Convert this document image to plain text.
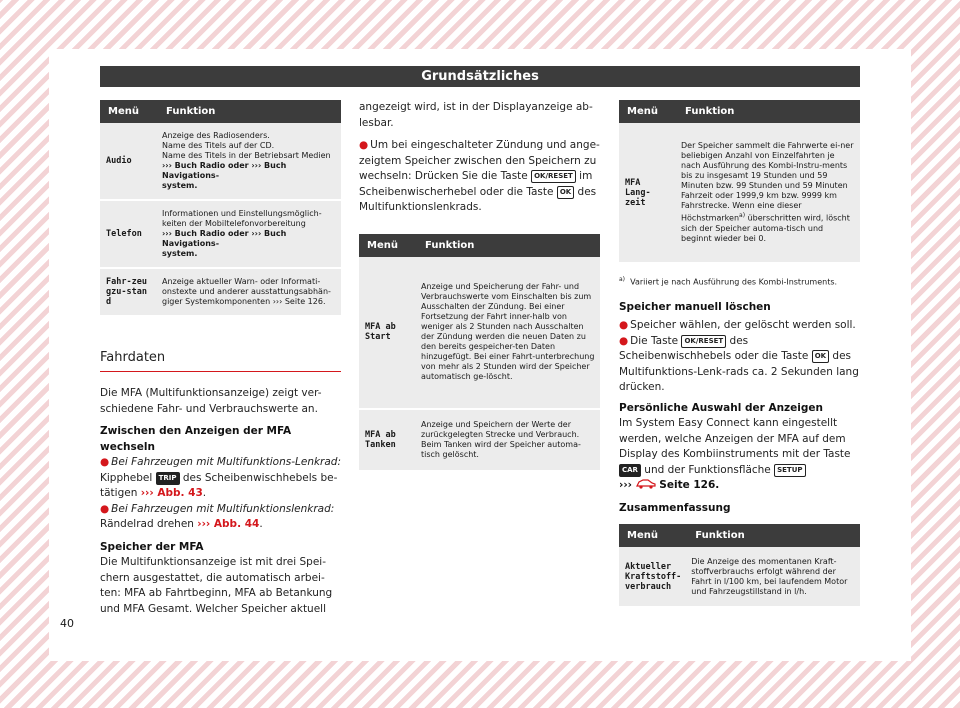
Grundsätzliches
Menü	Funktion
Audio	Anzeige des Radiosenders.
Name des Titels auf der CD.
Name des Titels in der Betriebsart Medien
››› Buch Radio oder ››› Buch Navigations-
system.
Telefon	Informationen und Einstellungsmöglich-
keiten der Mobiltelefonvorbereitung
››› Buch Radio oder ››› Buch Navigations-
system.
Fahr-zeugzu-stand	Anzeige aktueller Warn- oder Informati-
onstexte und anderer ausstattungsabhän-
giger Systemkomponenten ››› Seite 126.
Fahrdaten

Die MFA (Multifunktionsanzeige) zeigt ver-schiedene Fahr- und Verbrauchswerte an.

Zwischen den Anzeigen der MFA wechseln

● Bei Fahrzeugen mit Multifunktions-Lenkrad: Kipphebel TRIP des Scheibenwischhebels be-tätigen ››› Abb. 43.

● Bei Fahrzeugen mit Multifunktionslenkrad: Rändelrad drehen ››› Abb. 44.

Speicher der MFA

Die Multifunktionsanzeige ist mit drei Spei-chern ausgestattet, die automatisch arbei-ten: MFA ab Fahrtbeginn, MFA ab Betankung und MFA Gesamt. Welcher Speicher aktuell

angezeigt wird, ist in der Displayanzeige ab-lesbar.

● Um bei eingeschalteter Zündung und ange-zeigtem Speicher zwischen den Speichern zu wechseln: Drücken Sie die Taste OK/RESET im Scheibenwischerhebel oder die Taste OK des Multifunktionslenkrads.

Menü	Funktion
MFA ab Start	Anzeige und Speicherung der Fahr- und Verbrauchswerte vom Einschalten bis zum Ausschalten der Zündung. Bei einer Fortsetzung der Fahrt inner-halb von weniger als 2 Stunden nach Ausschalten der Zündung werden die neuen Daten zu den bereits gespeicher-ten Daten hinzugefügt. Bei einer Fahrt-unterbrechung von mehr als 2 Stunden wird der Speicher automatisch ge-löscht.
MFA ab Tanken	Anzeige und Speichern der Werte der zurückgelegten Strecke und Verbrauch. Beim Tanken wird der Speicher automa-tisch gelöscht.
Menü	Funktion
MFA Lang-zeit	Der Speicher sammelt die Fahrwerte ei-ner beliebigen Anzahl von Einzelfahrten je nach Ausführung des Kombi-Instru-ments bis zu insgesamt 19 Stunden und 59 Minuten bzw. 99 Stunden und 59 Minuten Fahrzeit oder 1999,9 km bzw. 9999 km Fahrstrecke. Wenn eine dieser Höchstmarken$^{a)}$ überschritten wird, löscht sich der Speicher automa-tisch und beginnt wieder bei 0.

$^{a)}$ Variiert je nach Ausführung des Kombi-Instruments.

Speicher manuell löschen

● Speicher wählen, der gelöscht werden soll.

● Die Taste OK/RESET des Scheibenwischhebels oder die Taste OK des Multifunktions-Lenk-rads ca. 2 Sekunden lang drücken.

Persönliche Auswahl der Anzeigen

Im System Easy Connect kann eingestellt werden, welche Anzeigen der MFA auf dem Display des Kombiinstruments mit der Taste CAR und der Funktionsfläche SETUP
›››  Seite 126.

Zusammenfassung

Menü	Funktion
Aktueller Kraftstoff-verbrauch	Die Anzeige des momentanen Kraft-stoffverbrauchs erfolgt während der Fahrt in l/100 km, bei laufendem Motor und Fahrzeugstillstand in l/h.
40
